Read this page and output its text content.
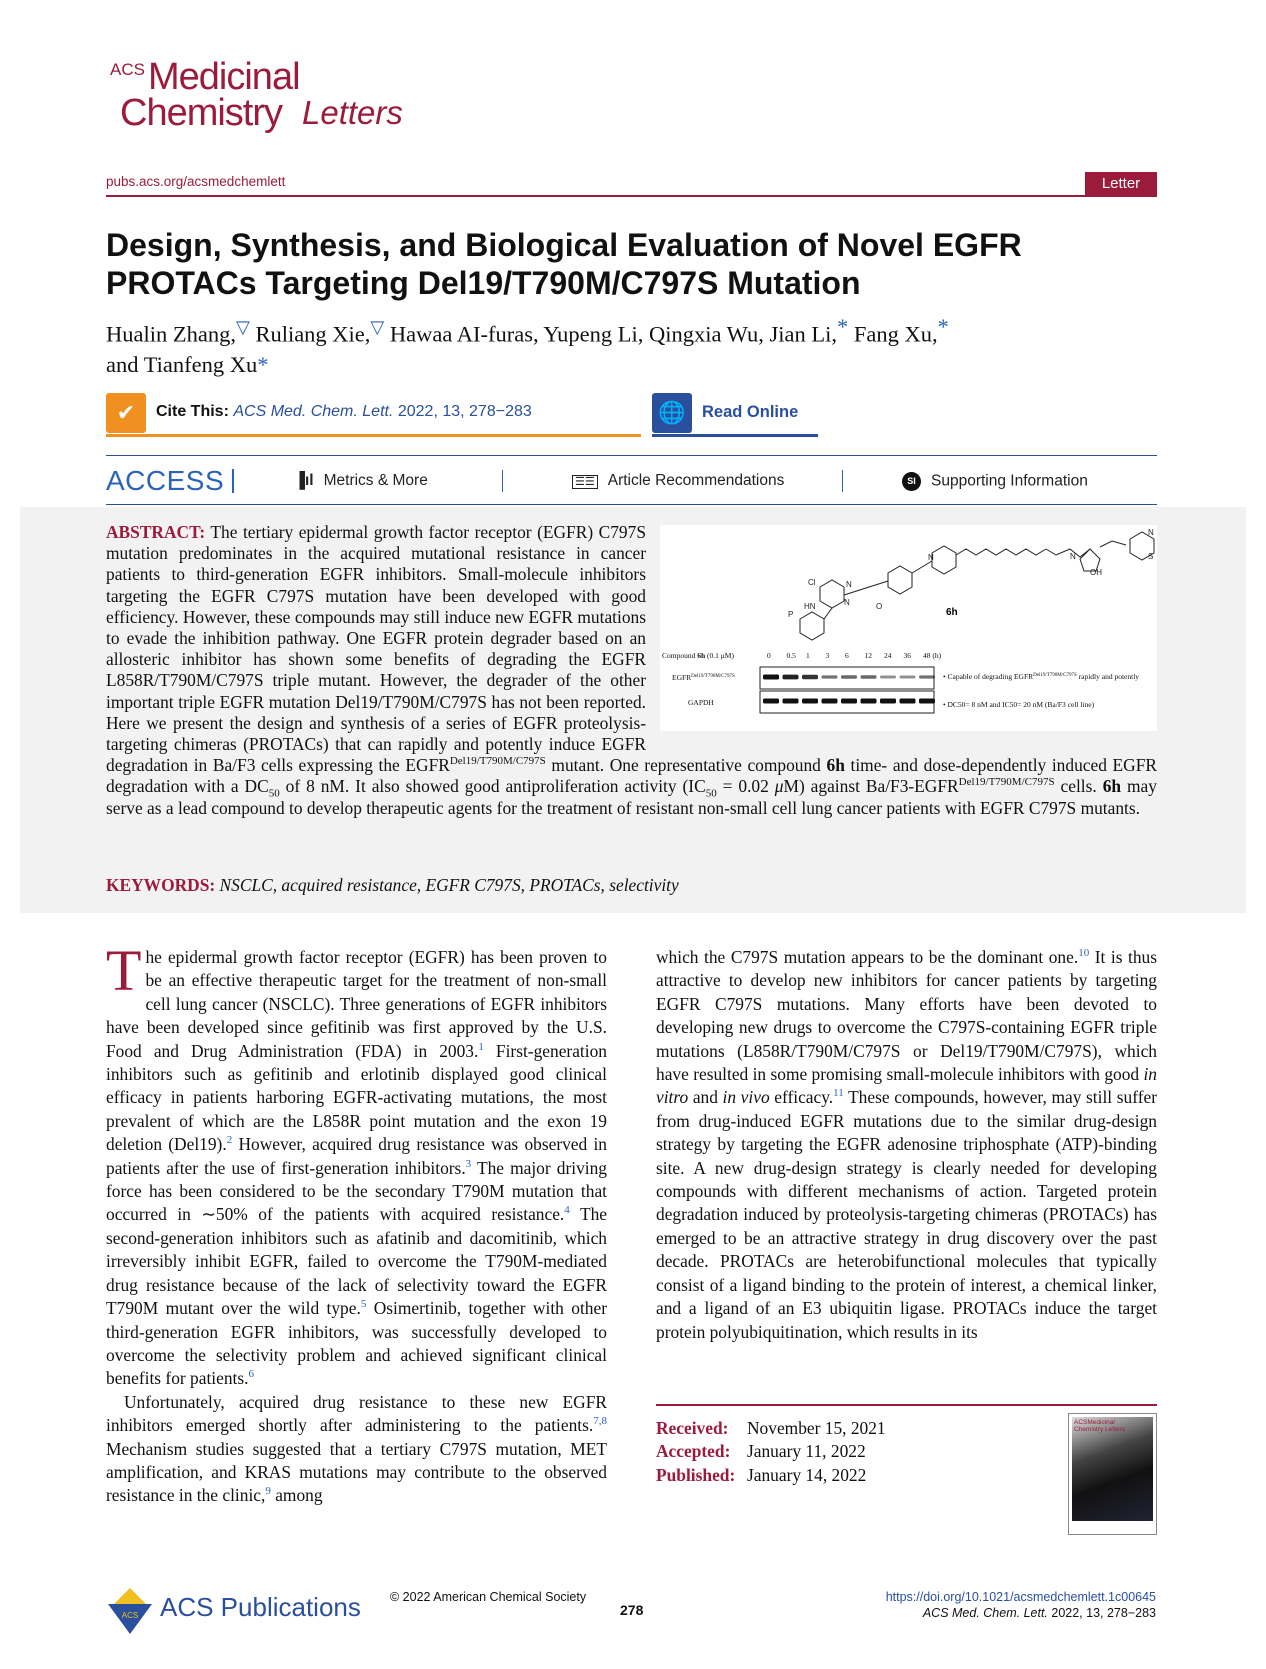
ACS Medicinal
Chemistry Letters
pubs.acs.org/acsmedchemlett	Letter
Design, Synthesis, and Biological Evaluation of Novel EGFR PROTACs Targeting Del19/T790M/C797S Mutation
Hualin Zhang,▽ Ruliang Xie,▽ Hawaa AI-furas, Yupeng Li, Qingxia Wu, Jian Li,* Fang Xu,*
and Tianfeng Xu*
✔	Cite This: ACS Med. Chem. Lett. 2022, 13, 278−283	🌐 Read Online
ACCESS	▐ıl Metrics & More	☰☰ Article Recommendations	SI Supporting Information
Cl	N
N
HN
N	N
OH
N
S
P
O
6h
Compound 6h (0.1 μM)	0 0.5 1 3 6 12 24 36 48 (h)
$EGFR^{Del19/T790M/C797S}$
GAPDH
• Capable of degrading $EGFR^{Del19/T790M/C797S}$ rapidly and potently
• DC50= 8 nM and IC50= 20 nM (Ba/F3 cell line)
ABSTRACT: The tertiary epidermal growth factor receptor (EGFR) C797S mutation predominates in the acquired mutational resistance in cancer patients to third-generation EGFR inhibitors. Small-molecule inhibitors targeting the EGFR C797S mutation have been developed with good efficiency. However, these compounds may still induce new EGFR mutations to evade the inhibition pathway. One EGFR protein degrader based on an allosteric inhibitor has shown some benefits of degrading the EGFR L858R/T790M/C797S triple mutant. However, the degrader of the other important triple EGFR mutation Del19/T790M/C797S has not been reported. Here we present the design and synthesis of a series of EGFR proteolysis-targeting chimeras (PROTACs) that can rapidly and potently induce EGFR degradation in Ba/F3 cells expressing the $EGFR^{Del19/T790M/C797S}$ mutant. One representative compound 6h time- and dose-dependently induced EGFR degradation with a $DC_{50}$ of 8 nM. It also showed good antiproliferation activity ($IC_{50} = 0.02$ μM) against $Ba/F3-EGFR^{Del19/T790M/C797S}$ cells. 6h may serve as a lead compound to develop therapeutic agents for the treatment of resistant non-small cell lung cancer patients with EGFR C797S mutants.
KEYWORDS: NSCLC, acquired resistance, EGFR C797S, PROTACs, selectivity

The epidermal growth factor receptor (EGFR) has been proven to be an effective therapeutic target for the treatment of non-small cell lung cancer (NSCLC). Three generations of EGFR inhibitors have been developed since gefitinib was first approved by the U.S. Food and Drug Administration (FDA) in 2003.$^1$ First-generation inhibitors such as gefitinib and erlotinib displayed good clinical efficacy in patients harboring EGFR-activating mutations, the most prevalent of which are the L858R point mutation and the exon 19 deletion (Del19).$^2$ However, acquired drug resistance was observed in patients after the use of first-generation inhibitors.$^3$ The major driving force has been considered to be the secondary T790M mutation that occurred in ∼50% of the patients with acquired resistance.$^4$ The second-generation inhibitors such as afatinib and dacomitinib, which irreversibly inhibit EGFR, failed to overcome the T790M-mediated drug resistance because of the lack of selectivity toward the EGFR T790M mutant over the wild type.$^5$ Osimertinib, together with other third-generation EGFR inhibitors, was successfully developed to overcome the selectivity problem and achieved significant clinical benefits for patients.$^6$

Unfortunately, acquired drug resistance to these new EGFR inhibitors emerged shortly after administering to the patients.$^{7,8}$ Mechanism studies suggested that a tertiary C797S mutation, MET amplification, and KRAS mutations may contribute to the observed resistance in the clinic,$^9$ among

which the C797S mutation appears to be the dominant one.$^{10}$ It is thus attractive to develop new inhibitors for cancer patients by targeting EGFR C797S mutations. Many efforts have been devoted to developing new drugs to overcome the C797S-containing EGFR triple mutations (L858R/T790M/C797S or Del19/T790M/C797S), which have resulted in some promising small-molecule inhibitors with good in vitro and in vivo efficacy.$^{11}$ These compounds, however, may still suffer from drug-induced EGFR mutations due to the similar drug-design strategy by targeting the EGFR adenosine triphosphate (ATP)-binding site. A new drug-design strategy is clearly needed for developing compounds with different mechanisms of action. Targeted protein degradation induced by proteolysis-targeting chimeras (PROTACs) has emerged to be an attractive strategy in drug discovery over the past decade. PROTACs are heterobifunctional molecules that typically consist of a ligand binding to the protein of interest, a chemical linker, and a ligand of an E3 ubiquitin ligase. PROTACs induce the target protein polyubiquitination, which results in its

Received: November 15, 2021
Accepted: January 11, 2022
Published: January 14, 2022
ACSMedicinal
Chemistry Letters
ACS ACS Publications © 2022 American Chemical Society
278
https://doi.org/10.1021/acsmedchemlett.1c00645
ACS Med. Chem. Lett. 2022, 13, 278−283
